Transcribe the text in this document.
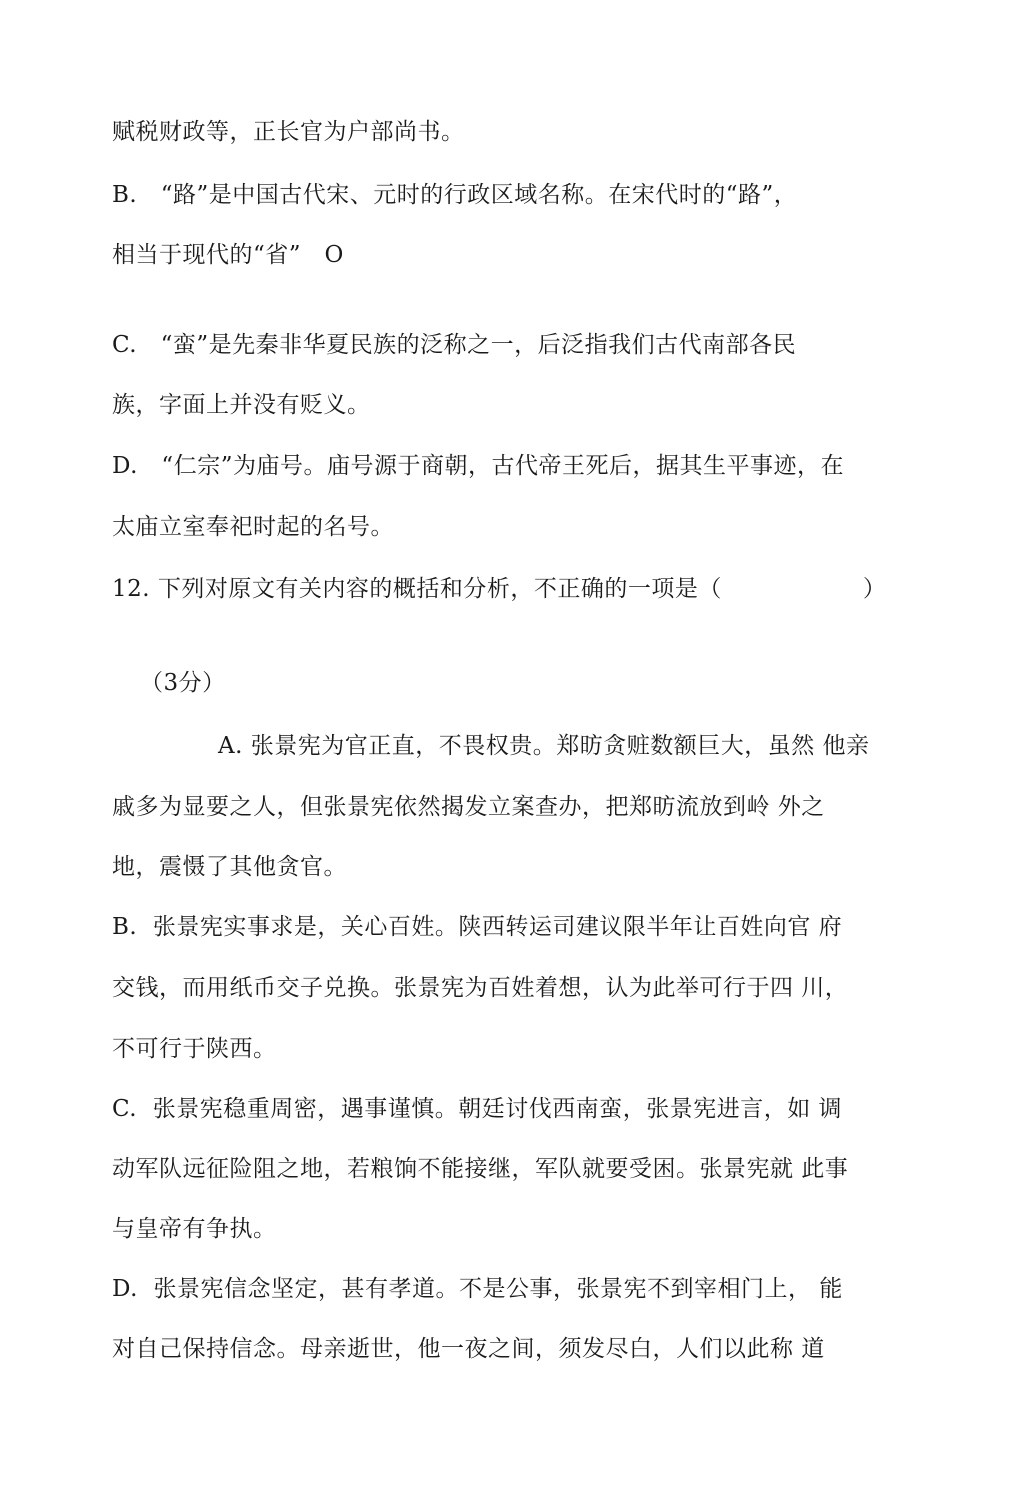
赋税财政等，正长官为户部尚书。
B.　“路”是中国古代宋、元时的行政区域名称。在宋代时的“路”，
相当于现代的“省”　O
C.　“蛮”是先秦非华夏民族的泛称之一，后泛指我们古代南部各民
族，字面上并没有贬义。
D.　“仁宗”为庙号。庙号源于商朝，古代帝王死后，据其生平事迹，在
太庙立室奉祀时起的名号。
12. 下列对原文有关内容的概括和分析，不正确的一项是（　　　　　　）
（3分）
A. 张景宪为官正直，不畏权贵。郑昉贪赃数额巨大，虽然 他亲
戚多为显要之人，但张景宪依然揭发立案查办，把郑昉流放到岭 外之
地，震慑了其他贪官。
B.  张景宪实事求是，关心百姓。陕西转运司建议限半年让百姓向官 府
交钱，而用纸币交子兑换。张景宪为百姓着想，认为此举可行于四 川，
不可行于陕西。
C.  张景宪稳重周密，遇事谨慎。朝廷讨伐西南蛮，张景宪进言，如 调
动军队远征险阻之地，若粮饷不能接继，军队就要受困。张景宪就 此事
与皇帝有争执。
D.  张景宪信念坚定，甚有孝道。不是公事，张景宪不到宰相门上， 能
对自己保持信念。母亲逝世，他一夜之间，须发尽白，人们以此称 道
